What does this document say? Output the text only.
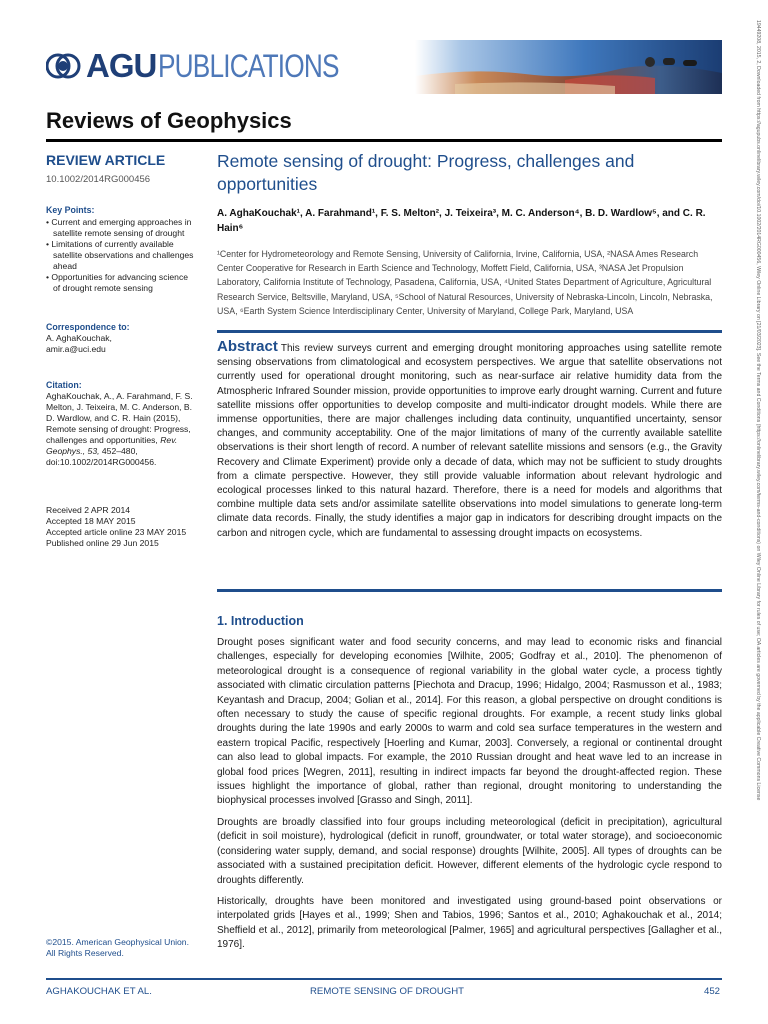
AGU PUBLICATIONS
Reviews of Geophysics
REVIEW ARTICLE
10.1002/2014RG000456
Key Points:
• Current and emerging approaches in satellite remote sensing of drought
• Limitations of currently available satellite observations and challenges ahead
• Opportunities for advancing science of drought remote sensing
Correspondence to:
A. AghaKouchak,
amir.a@uci.edu
Citation:
AghaKouchak, A., A. Farahmand, F. S. Melton, J. Teixeira, M. C. Anderson, B. D. Wardlow, and C. R. Hain (2015), Remote sensing of drought: Progress, challenges and opportunities, Rev. Geophys., 53, 452–480, doi:10.1002/2014RG000456.
Received 2 APR 2014
Accepted 18 MAY 2015
Accepted article online 23 MAY 2015
Published online 29 Jun 2015
©2015. American Geophysical Union.
All Rights Reserved.
Remote sensing of drought: Progress, challenges and opportunities
A. AghaKouchak¹, A. Farahmand¹, F. S. Melton², J. Teixeira³, M. C. Anderson⁴, B. D. Wardlow⁵, and C. R. Hain⁶
¹Center for Hydrometeorology and Remote Sensing, University of California, Irvine, California, USA, ²NASA Ames Research Center Cooperative for Research in Earth Science and Technology, Moffett Field, California, USA, ³NASA Jet Propulsion Laboratory, California Institute of Technology, Pasadena, California, USA, ⁴United States Department of Agriculture, Agricultural Research Service, Beltsville, Maryland, USA, ⁵School of Natural Resources, University of Nebraska-Lincoln, Lincoln, Nebraska, USA, ⁶Earth System Science Interdisciplinary Center, University of Maryland, College Park, Maryland, USA
Abstract This review surveys current and emerging drought monitoring approaches using satellite remote sensing observations from climatological and ecosystem perspectives. We argue that satellite observations not currently used for operational drought monitoring, such as near-surface air relative humidity data from the Atmospheric Infrared Sounder mission, provide opportunities to improve early drought warning. Current and future satellite missions offer opportunities to develop composite and multi-indicator drought models. While there are immense opportunities, there are major challenges including data continuity, unquantified uncertainty, sensor changes, and community acceptability. One of the major limitations of many of the currently available satellite observations is their short length of record. A number of relevant satellite missions and sensors (e.g., the Gravity Recovery and Climate Experiment) provide only a decade of data, which may not be sufficient to study droughts from a climate perspective. However, they still provide valuable information about relevant hydrologic and ecological processes linked to this natural hazard. Therefore, there is a need for models and algorithms that combine multiple data sets and/or assimilate satellite observations into model simulations to generate long-term climate data records. Finally, the study identifies a major gap in indicators for describing drought impacts on the carbon and nitrogen cycle, which are fundamental to assessing drought impacts on ecosystems.
1. Introduction

Drought poses significant water and food security concerns, and may lead to economic risks and financial challenges, especially for developing economies [Wilhite, 2005; Godfray et al., 2010]. The phenomenon of meteorological drought is a consequence of regional variability in the global water cycle, a process tightly associated with climatic circulation patterns [Piechota and Dracup, 1996; Hidalgo, 2004; Rasmusson et al., 1983; Keyantash and Dracup, 2004; Golian et al., 2014]. For this reason, a global perspective on drought conditions is often necessary to study the cause of specific regional droughts. For example, a recent study links global droughts during the late 1990s and early 2000s to warm and cold sea surface temperatures in the western and eastern tropical Pacific, respectively [Hoerling and Kumar, 2003]. Conversely, a regional or continental drought can also lead to global impacts. For example, the 2010 Russian drought and heat wave led to an increase in global food prices [Wegren, 2011], resulting in indirect impacts far beyond the drought-affected region. These issues highlight the importance of global, rather than regional, drought monitoring to understanding the biophysical processes involved [Grasso and Singh, 2011].

Droughts are broadly classified into four groups including meteorological (deficit in precipitation), agricultural (deficit in soil moisture), hydrological (deficit in runoff, groundwater, or total water storage), and socioeconomic (considering water supply, demand, and social response) droughts [Wilhite, 2005]. All types of droughts can be associated with a sustained precipitation deficit. However, different elements of the hydrologic cycle respond to droughts differently.

Historically, droughts have been monitored and investigated using ground-based point observations or interpolated grids [Hayes et al., 1999; Shen and Tabios, 1996; Santos et al., 2010; Aghakouchak et al., 2014; Sheffield et al., 2012], primarily from meteorological [Palmer, 1965] and agricultural perspectives [Gallagher et al., 1976].

AGHAKOUCHAK ET AL.	REMOTE SENSING OF DROUGHT	452
19449208, 2015, 2, Downloaded from https://agupubs.onlinelibrary.wiley.com/doi/10.1002/2014RG000456, Wiley Online Library on [21/03/2023]. See the Terms and Conditions (https://onlinelibrary.wiley.com/terms-and-conditions) on Wiley Online Library for rules of use; OA articles are governed by the applicable Creative Commons License
